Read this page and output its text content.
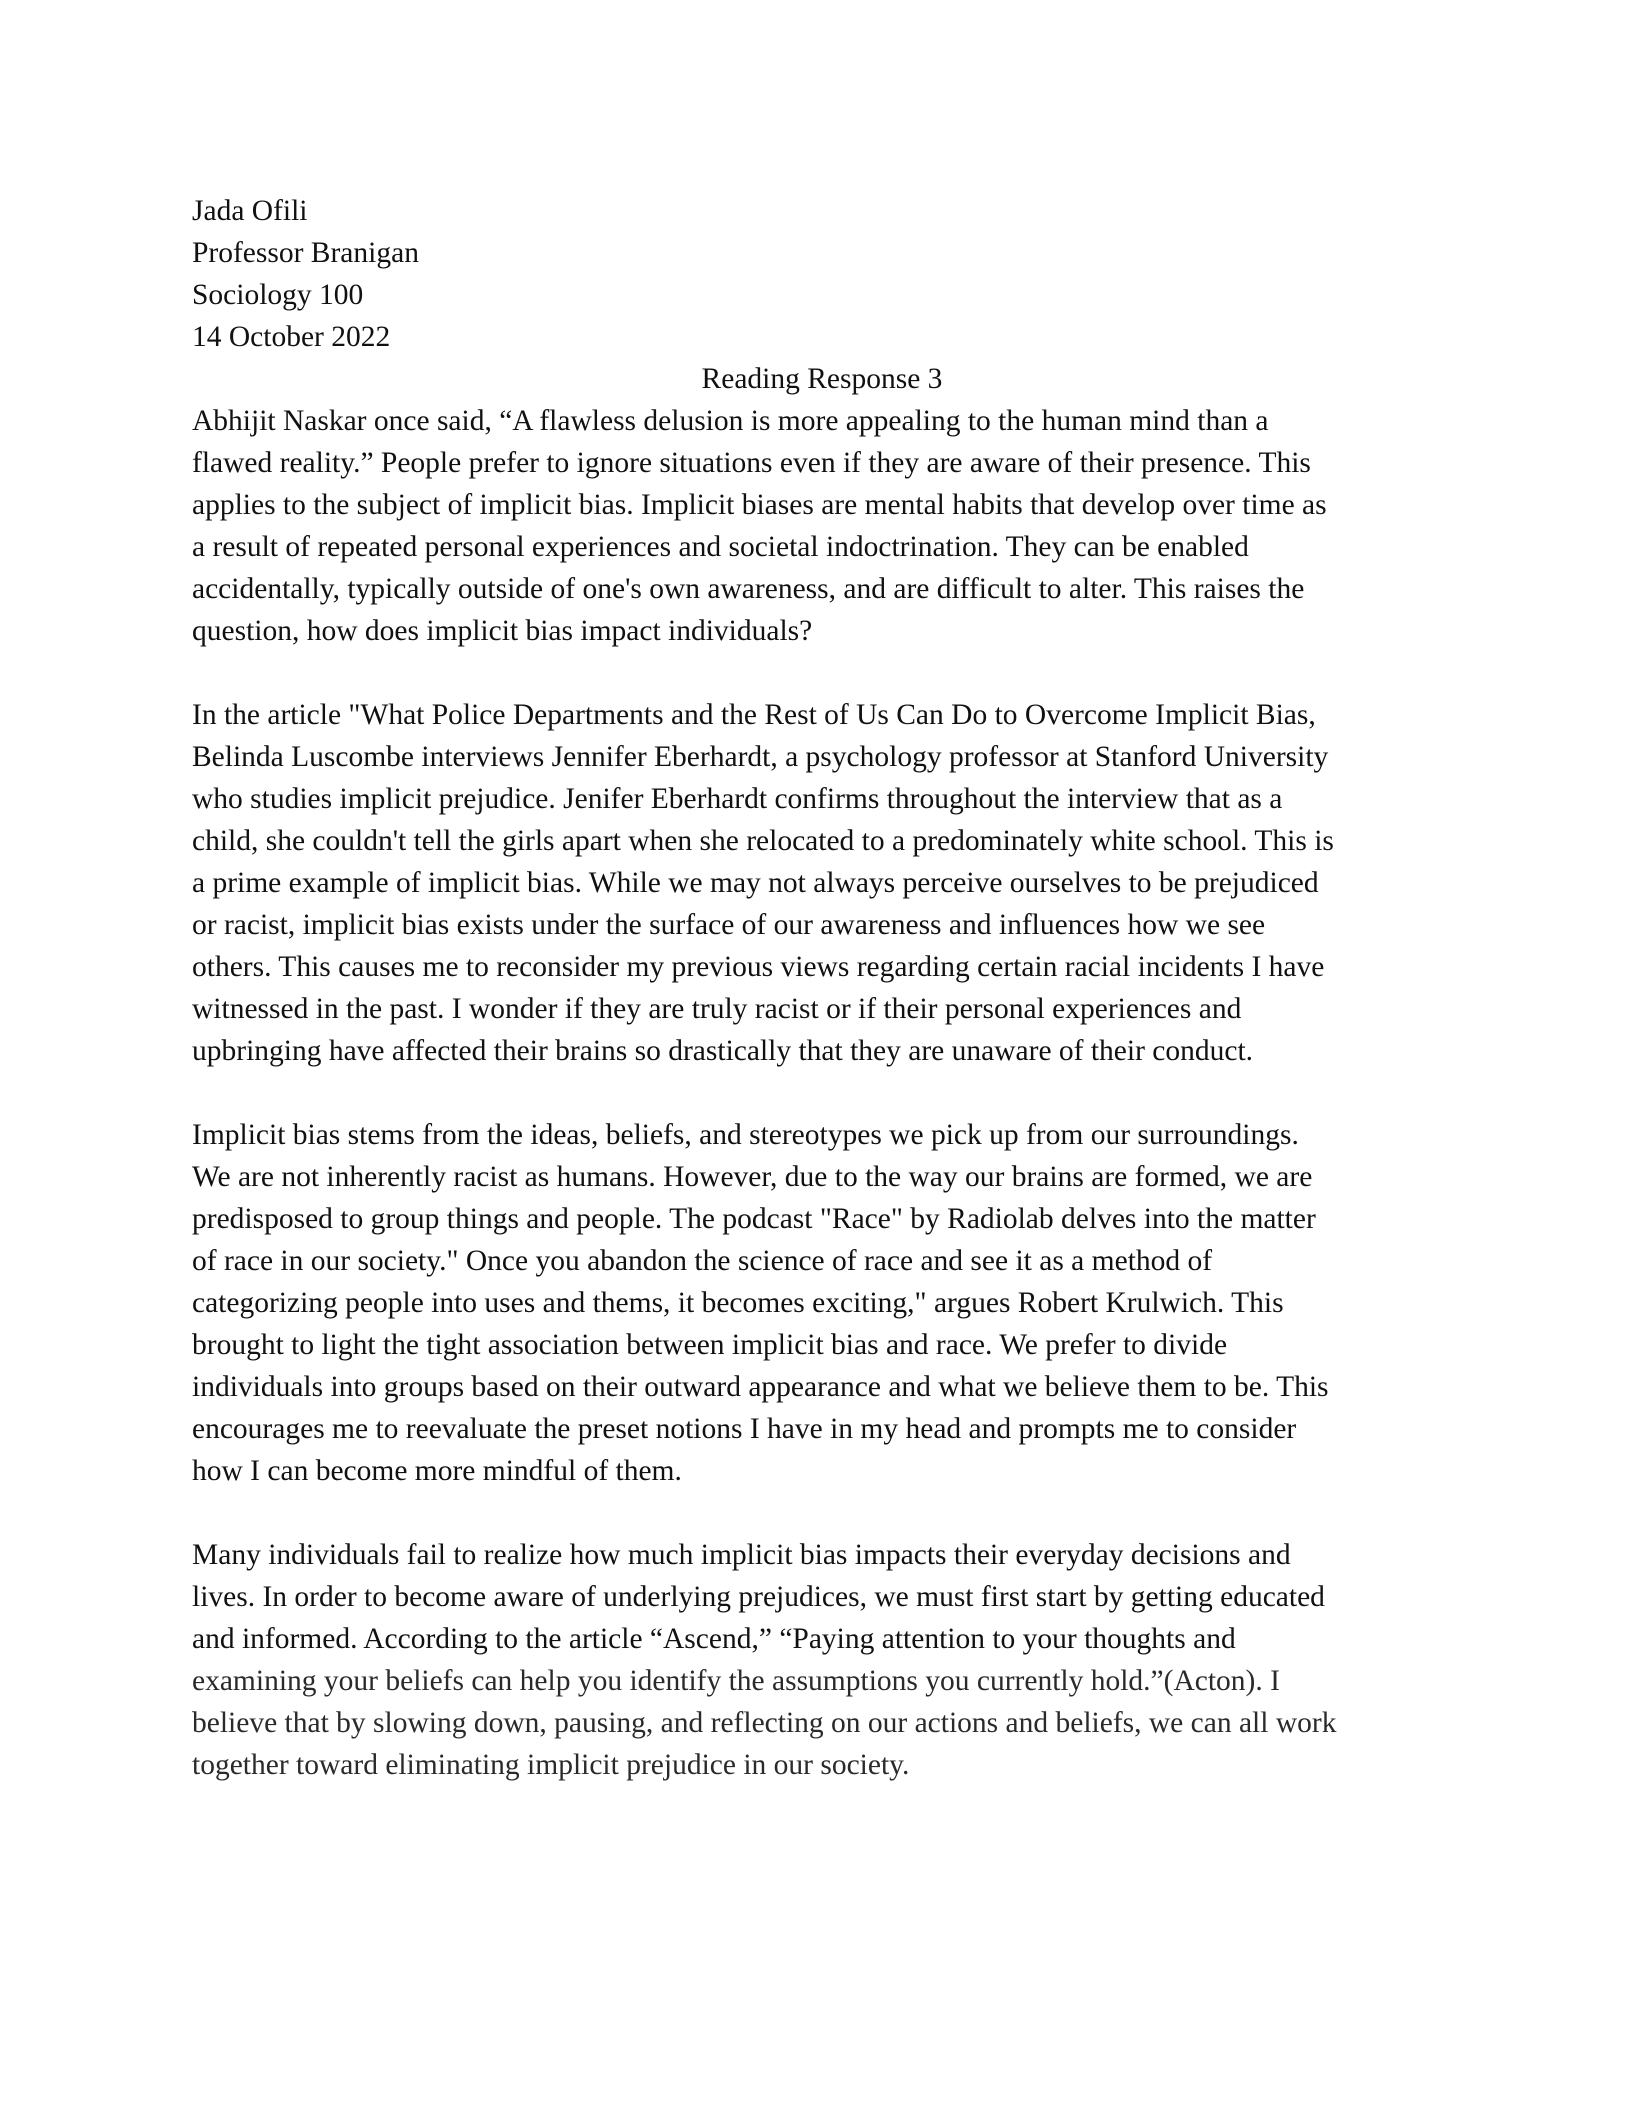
Jada Ofili
Professor Branigan
Sociology 100
14 October 2022
Reading Response 3
Abhijit Naskar once said, “A flawless delusion is more appealing to the human mind than a
flawed reality.” People prefer to ignore situations even if they are aware of their presence. This
applies to the subject of implicit bias. Implicit biases are mental habits that develop over time as
a result of repeated personal experiences and societal indoctrination. They can be enabled
accidentally, typically outside of one's own awareness, and are difficult to alter. This raises the
question, how does implicit bias impact individuals?
In the article "What Police Departments and the Rest of Us Can Do to Overcome Implicit Bias,
Belinda Luscombe interviews Jennifer Eberhardt, a psychology professor at Stanford University
who studies implicit prejudice. Jenifer Eberhardt confirms throughout the interview that as a
child, she couldn't tell the girls apart when she relocated to a predominately white school. This is
a prime example of implicit bias. While we may not always perceive ourselves to be prejudiced
or racist, implicit bias exists under the surface of our awareness and influences how we see
others. This causes me to reconsider my previous views regarding certain racial incidents I have
witnessed in the past. I wonder if they are truly racist or if their personal experiences and
upbringing have affected their brains so drastically that they are unaware of their conduct.
Implicit bias stems from the ideas, beliefs, and stereotypes we pick up from our surroundings.
We are not inherently racist as humans. However, due to the way our brains are formed, we are
predisposed to group things and people. The podcast "Race" by Radiolab delves into the matter
of race in our society." Once you abandon the science of race and see it as a method of
categorizing people into uses and thems, it becomes exciting," argues Robert Krulwich. This
brought to light the tight association between implicit bias and race. We prefer to divide
individuals into groups based on their outward appearance and what we believe them to be. This
encourages me to reevaluate the preset notions I have in my head and prompts me to consider
how I can become more mindful of them.
Many individuals fail to realize how much implicit bias impacts their everyday decisions and
lives. In order to become aware of underlying prejudices, we must first start by getting educated
and informed. According to the article “Ascend,” “Paying attention to your thoughts and
examining your beliefs can help you identify the assumptions you currently hold.”(Acton). I
believe that by slowing down, pausing, and reflecting on our actions and beliefs, we can all work
together toward eliminating implicit prejudice in our society.
